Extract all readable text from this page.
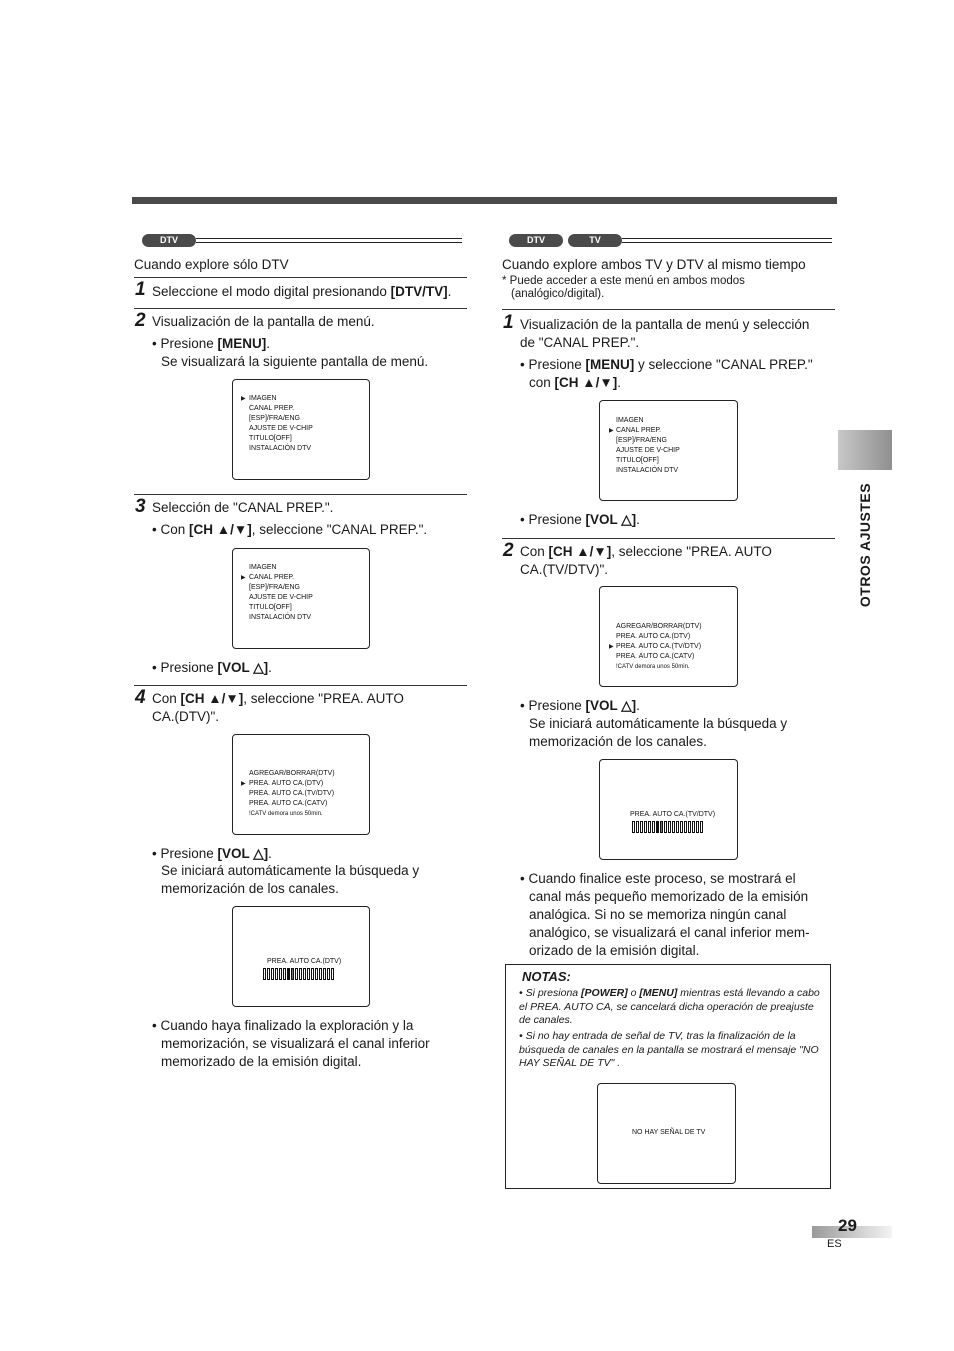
DTV
Cuando explore sólo DTV
1 Seleccione el modo digital presionando [DTV/TV].
2 Visualización de la pantalla de menú.
• Presione [MENU].
Se visualizará la siguiente pantalla de menú.
▶ IMAGEN
CANAL PREP.
[ESP]/FRA/ENG
AJUSTE DE V-CHIP
TITULO[OFF]
INSTALACIÓN DTV
3 Selección de "CANAL PREP.".
• Con [CH ▲/▼], seleccione "CANAL PREP.".
▶
IMAGEN
CANAL PREP.
[ESP]/FRA/ENG
AJUSTE DE V-CHIP
TITULO[OFF]
INSTALACIÓN DTV
• Presione [VOL △].
4 Con [CH ▲/▼], seleccione "PREA. AUTO
CA.(DTV)".
▶
AGREGAR/BORRAR(DTV)
PREA. AUTO CA.(DTV)
PREA. AUTO CA.(TV/DTV)
PREA. AUTO CA.(CATV)
!CATV demora unos 50min.
• Presione [VOL △].
Se iniciará automáticamente la búsqueda y
memorización de los canales.
PREA. AUTO CA.(DTV)
• Cuando haya finalizado la exploración y la
memorización, se visualizará el canal inferior
memorizado de la emisión digital.
DTV	TV
Cuando explore ambos TV y DTV al mismo tiempo
* Puede acceder a este menú en ambos modos
(analógico/digital).
1 Visualización de la pantalla de menú y selección
de "CANAL PREP.".
• Presione [MENU] y seleccione "CANAL PREP."
con [CH ▲/▼].
▶
IMAGEN
CANAL PREP.
[ESP]/FRA/ENG
AJUSTE DE V-CHIP
TITULO[OFF]
INSTALACIÓN DTV
• Presione [VOL △].
2 Con [CH ▲/▼], seleccione "PREA. AUTO
CA.(TV/DTV)".
▶
AGREGAR/BORRAR(DTV)
PREA. AUTO CA.(DTV)
PREA. AUTO CA.(TV/DTV)
PREA. AUTO CA.(CATV)
!CATV demora unos 50min.
• Presione [VOL △].
Se iniciará automáticamente la búsqueda y
memorización de los canales.
PREA. AUTO CA.(TV/DTV)
• Cuando finalice este proceso, se mostrará el
canal más pequeño memorizado de la emisión
analógica. Si no se memoriza ningún canal
analógico, se visualizará el canal inferior mem-
orizado de la emisión digital.
NOTAS:
• Si presiona [POWER] o [MENU] mientras está llevando a cabo el PREA. AUTO CA, se cancelará dicha operación de preajuste de canales.
• Si no hay entrada de señal de TV, tras la finalización de la búsqueda de canales en la pantalla se mostrará el mensaje "NO HAY SEÑAL DE TV" .
NO HAY SEÑAL DE TV
OTROS AJUSTES
29
ES
